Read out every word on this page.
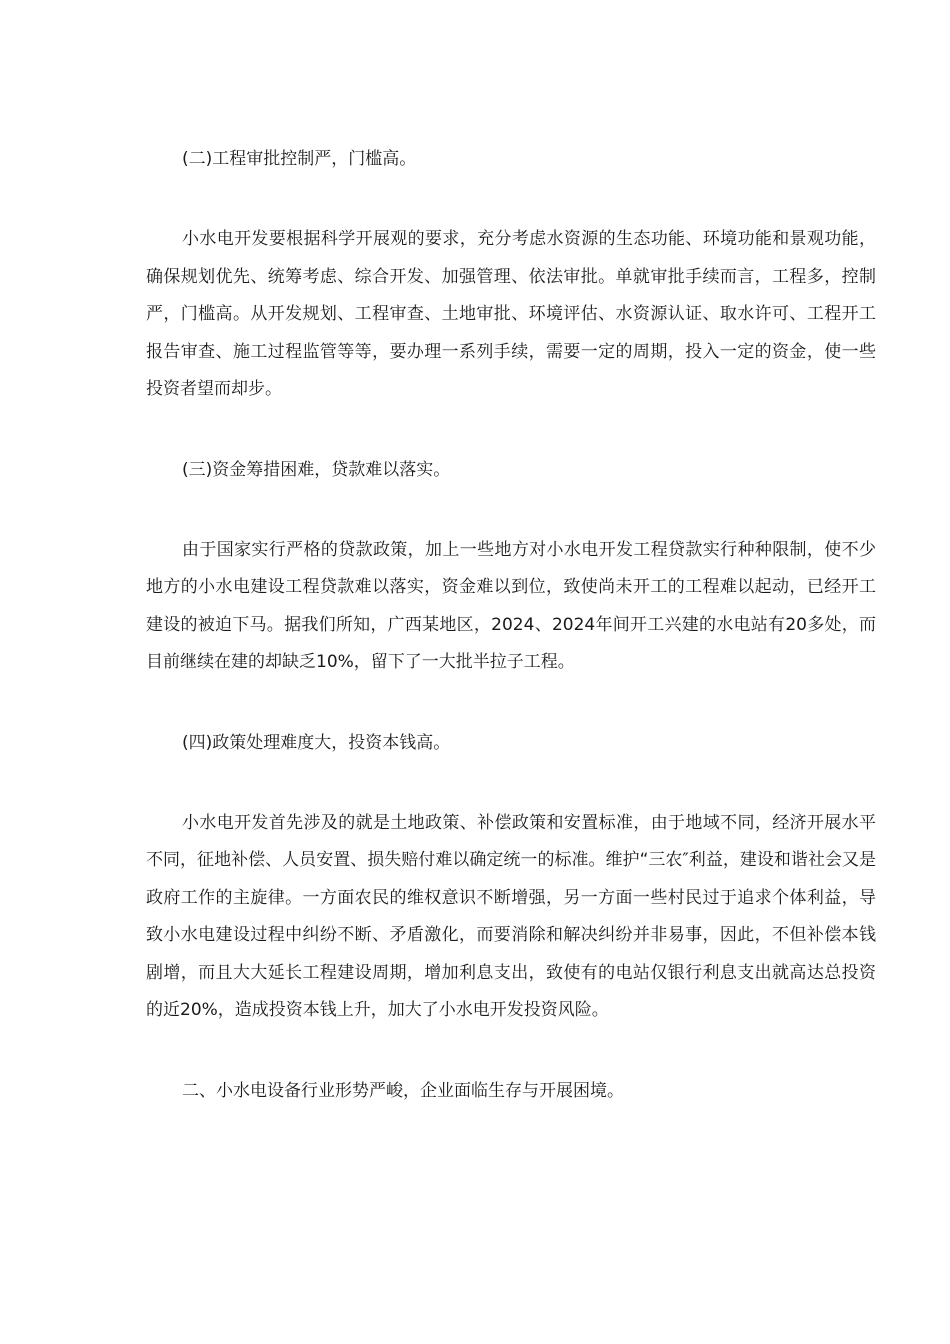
(二)工程审批控制严，门槛高。

小水电开发要根据科学开展观的要求，充分考虑水资源的生态功能、环境功能和景观功能，确保规划优先、统筹考虑、综合开发、加强管理、依法审批。单就审批手续而言，工程多，控制严，门槛高。从开发规划、工程审查、土地审批、环境评估、水资源认证、取水许可、工程开工报告审查、施工过程监管等等，要办理一系列手续，需要一定的周期，投入一定的资金，使一些投资者望而却步。

(三)资金筹措困难，贷款难以落实。

由于国家实行严格的贷款政策，加上一些地方对小水电开发工程贷款实行种种限制，使不少地方的小水电建设工程贷款难以落实，资金难以到位，致使尚未开工的工程难以起动，已经开工建设的被迫下马。据我们所知，广西某地区，2024、2024年间开工兴建的水电站有20多处，而目前继续在建的却缺乏10%，留下了一大批半拉子工程。

(四)政策处理难度大，投资本钱高。

小水电开发首先涉及的就是土地政策、补偿政策和安置标准，由于地域不同，经济开展水平不同，征地补偿、人员安置、损失赔付难以确定统一的标准。维护“三农″利益，建设和谐社会又是政府工作的主旋律。一方面农民的维权意识不断增强，另一方面一些村民过于追求个体利益，导致小水电建设过程中纠纷不断、矛盾激化，而要消除和解决纠纷并非易事，因此，不但补偿本钱剧增，而且大大延长工程建设周期，增加利息支出，致使有的电站仅银行利息支出就高达总投资的近20%，造成投资本钱上升，加大了小水电开发投资风险。

二、小水电设备行业形势严峻，企业面临生存与开展困境。
